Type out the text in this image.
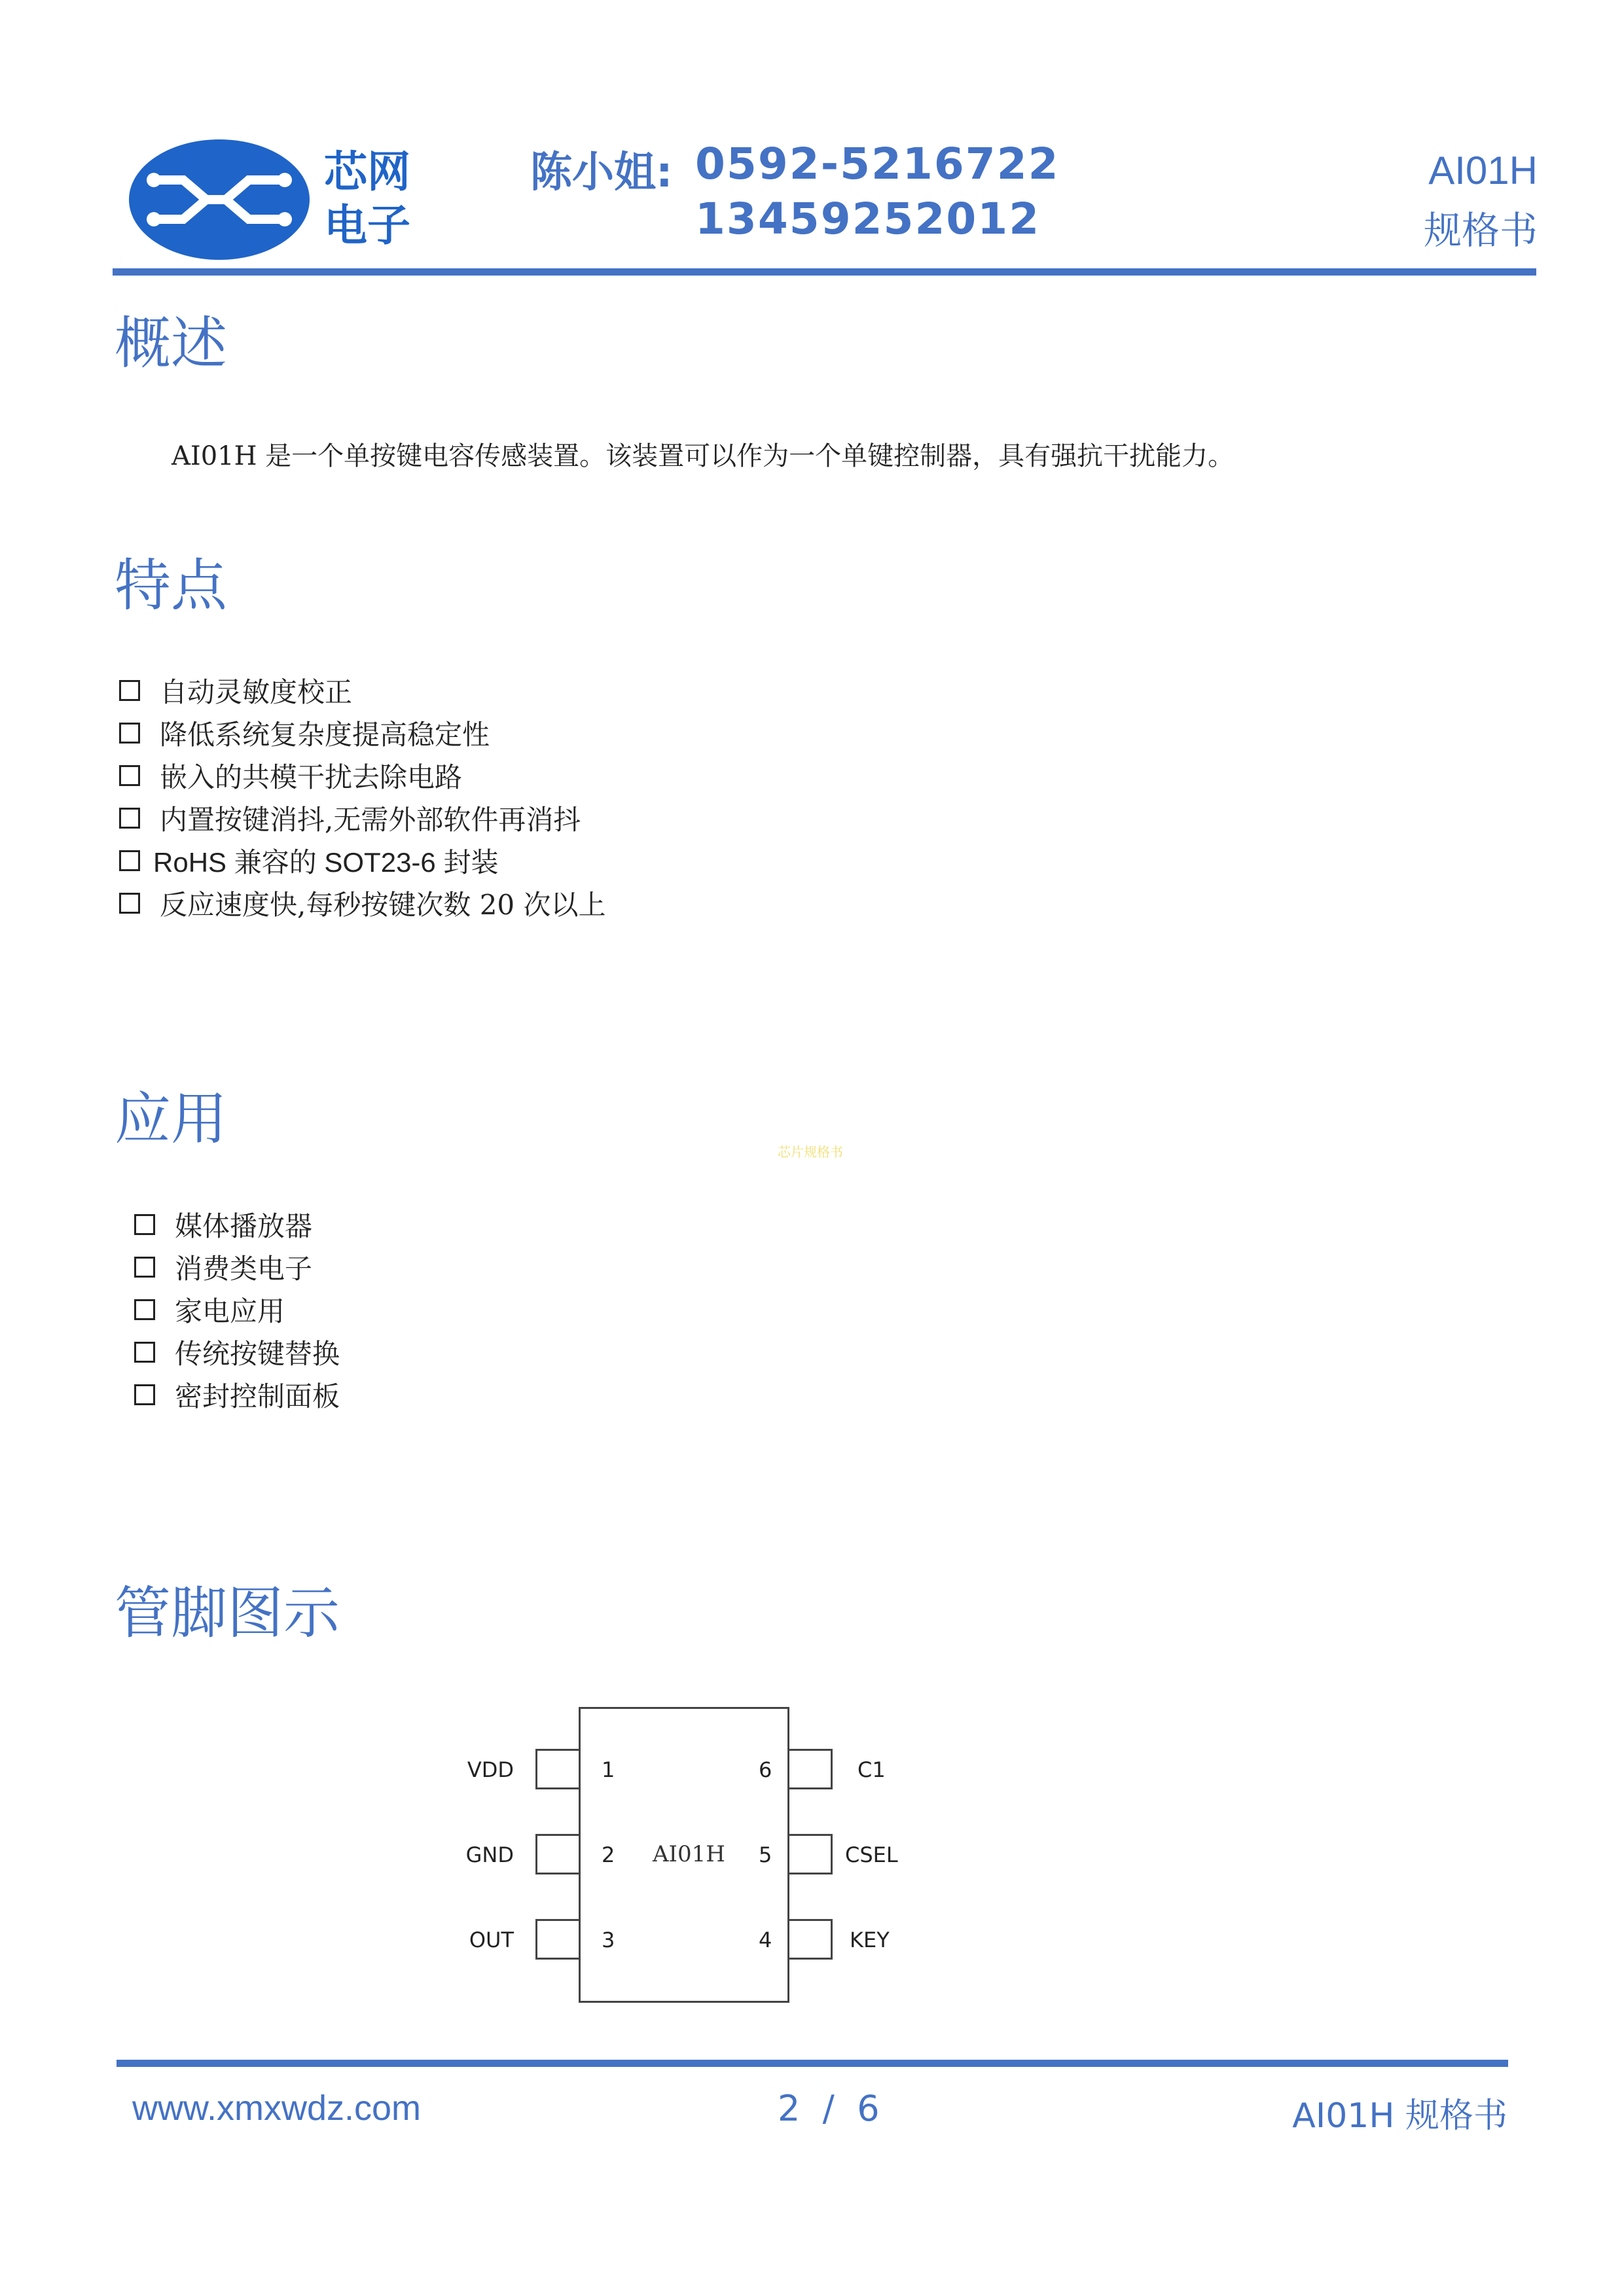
芯网
电子
陈小姐: 0592-5216722
13459252012
AI01H
规格书
概述
AI01H 是一个单按键电容传感装置。该装置可以作为一个单键控制器，具有强抗干扰能力。
特点
自动灵敏度校正
降低系统复杂度提高稳定性
嵌入的共模干扰去除电路
内置按键消抖,无需外部软件再消抖
RoHS 兼容的 SOT23-6 封装
反应速度快,每秒按键次数 20 次以上
应用	芯片规格书
媒体播放器
消费类电子
家电应用
传统按键替换
密封控制面板
管脚图示
AI01H
VDD
GND
OUT
1
2
3
6
5
4
C1
CSEL
KEY
www.xmxwdz.com	2  /  6	AI01H 规格书
